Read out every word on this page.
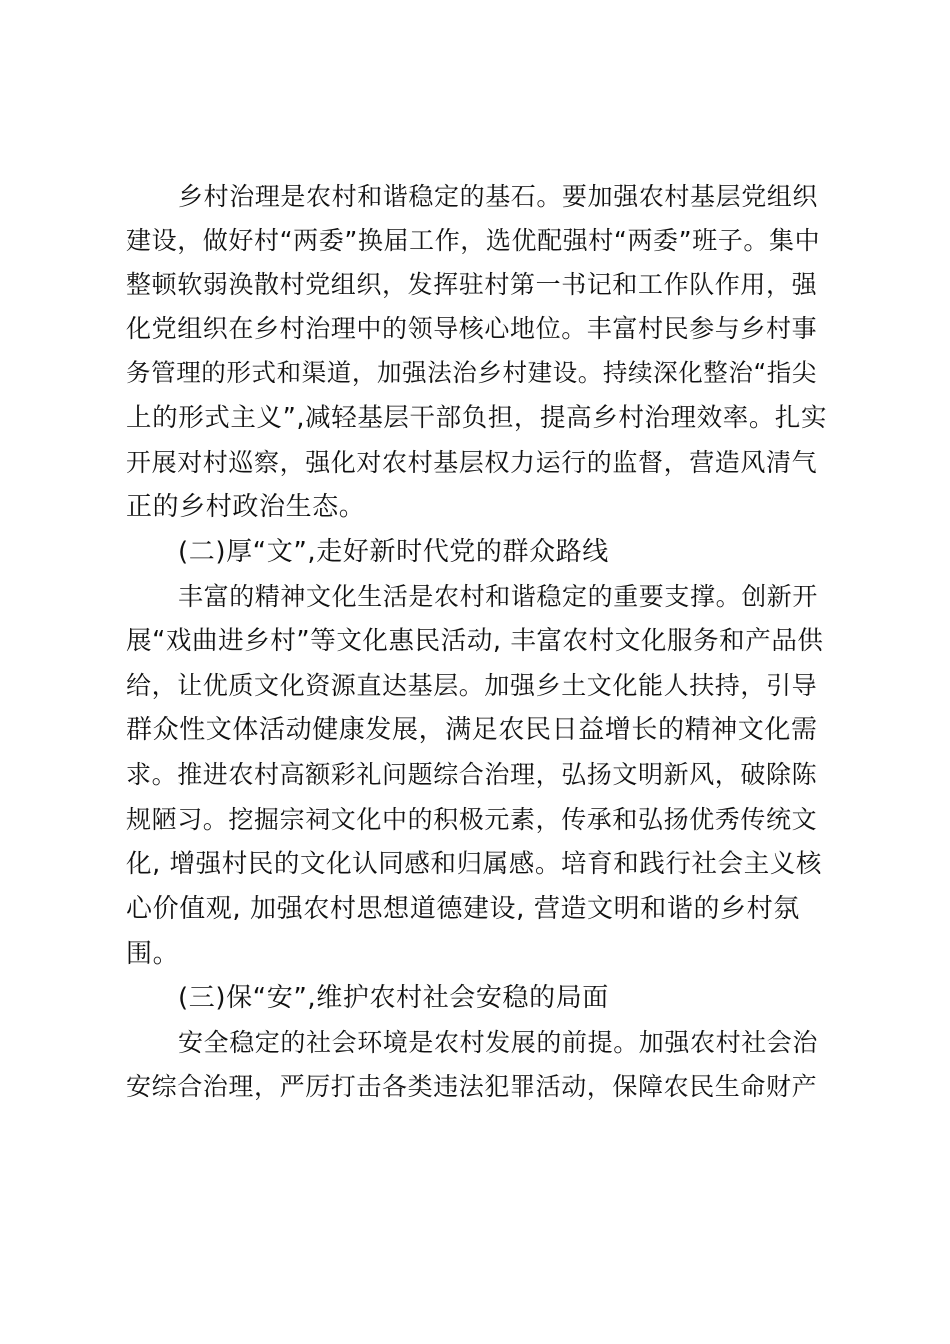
乡村治理是农村和谐稳定的基石。要加强农村基层党组织
建设，做好村“两委”换届工作，选优配强村“两委”班子。集中
整顿软弱涣散村党组织，发挥驻村第一书记和工作队作用，强
化党组织在乡村治理中的领导核心地位。丰富村民参与乡村事
务管理的形式和渠道，加强法治乡村建设。持续深化整治“指尖
上的形式主义”,减轻基层干部负担，提高乡村治理效率。扎实
开展对村巡察，强化对农村基层权力运行的监督，营造风清气
正的乡村政治生态。
(二)厚“文”,走好新时代党的群众路线
丰富的精神文化生活是农村和谐稳定的重要支撑。创新开
展“戏曲进乡村”等文化惠民活动, 丰富农村文化服务和产品供
给，让优质文化资源直达基层。加强乡土文化能人扶持，引导
群众性文体活动健康发展，满足农民日益增长的精神文化需
求。推进农村高额彩礼问题综合治理，弘扬文明新风，破除陈
规陋习。挖掘宗祠文化中的积极元素，传承和弘扬优秀传统文
化, 增强村民的文化认同感和归属感。培育和践行社会主义核
心价值观, 加强农村思想道德建设, 营造文明和谐的乡村氛
围。
(三)保“安”,维护农村社会安稳的局面
安全稳定的社会环境是农村发展的前提。加强农村社会治
安综合治理，严厉打击各类违法犯罪活动，保障农民生命财产
